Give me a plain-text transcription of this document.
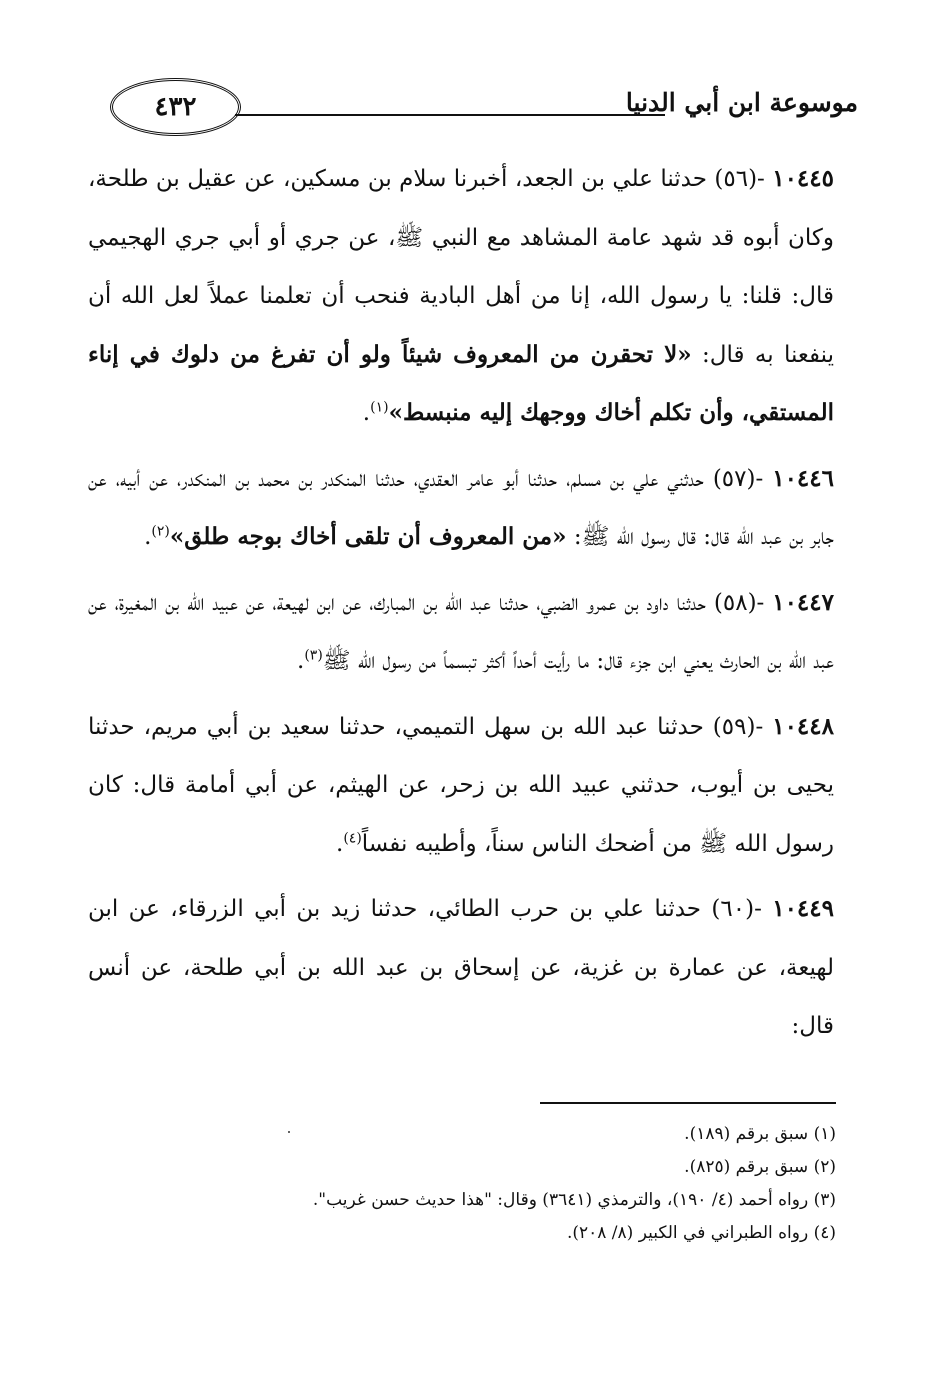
٤٣٢	موسوعة ابن أبي الدنيا

١٠٤٤٥ -(٥٦) حدثنا علي بن الجعد، أخبرنا سلام بن مسكين، عن عقيل بن طلحة، وكان أبوه قد شهد عامة المشاهد مع النبي ﷺ، عن جري أو أبي جري الهجيمي قال: قلنا: يا رسول الله، إنا من أهل البادية فنحب أن تعلمنا عملاً لعل الله أن ينفعنا به قال: «لا تحقرن من المعروف شيئاً ولو أن تفرغ من دلوك في إناء المستقي، وأن تكلم أخاك ووجهك إليه منبسط»$^{(١)}$.

١٠٤٤٦ -(٥٧) حدثني علي بن مسلم، حدثنا أبو عامر العقدي، حدثنا المنكدر بن محمد بن المنكدر، عن أبيه، عن جابر بن عبد الله قال: قال رسول الله ﷺ: «من المعروف أن تلقى أخاك بوجه طلق»$^{(٢)}$.

١٠٤٤٧ -(٥٨) حدثنا داود بن عمرو الضبي، حدثنا عبد الله بن المبارك، عن ابن لهيعة، عن عبيد الله بن المغيرة، عن عبد الله بن الحارث يعني ابن جزء قال: ما رأيت أحداً أكثر تبسماً من رسول الله ﷺ$^{(٣)}$.

١٠٤٤٨ -(٥٩) حدثنا عبد الله بن سهل التميمي، حدثنا سعيد بن أبي مريم، حدثنا يحيى بن أيوب، حدثني عبيد الله بن زحر، عن الهيثم، عن أبي أمامة قال: كان رسول الله ﷺ من أضحك الناس سناً، وأطيبه نفساً$^{(٤)}$.

١٠٤٤٩ -(٦٠) حدثنا علي بن حرب الطائي، حدثنا زيد بن أبي الزرقاء، عن ابن لهيعة، عن عمارة بن غزية، عن إسحاق بن عبد الله بن أبي طلحة، عن أنس قال:

(١) سبق برقم (١٨٩).

(٢) سبق برقم (٨٢٥).

(٣) رواه أحمد (٤/ ١٩٠)، والترمذي (٣٦٤١) وقال: "هذا حديث حسن غريب".

(٤) رواه الطبراني في الكبير (٨/ ٢٠٨).
